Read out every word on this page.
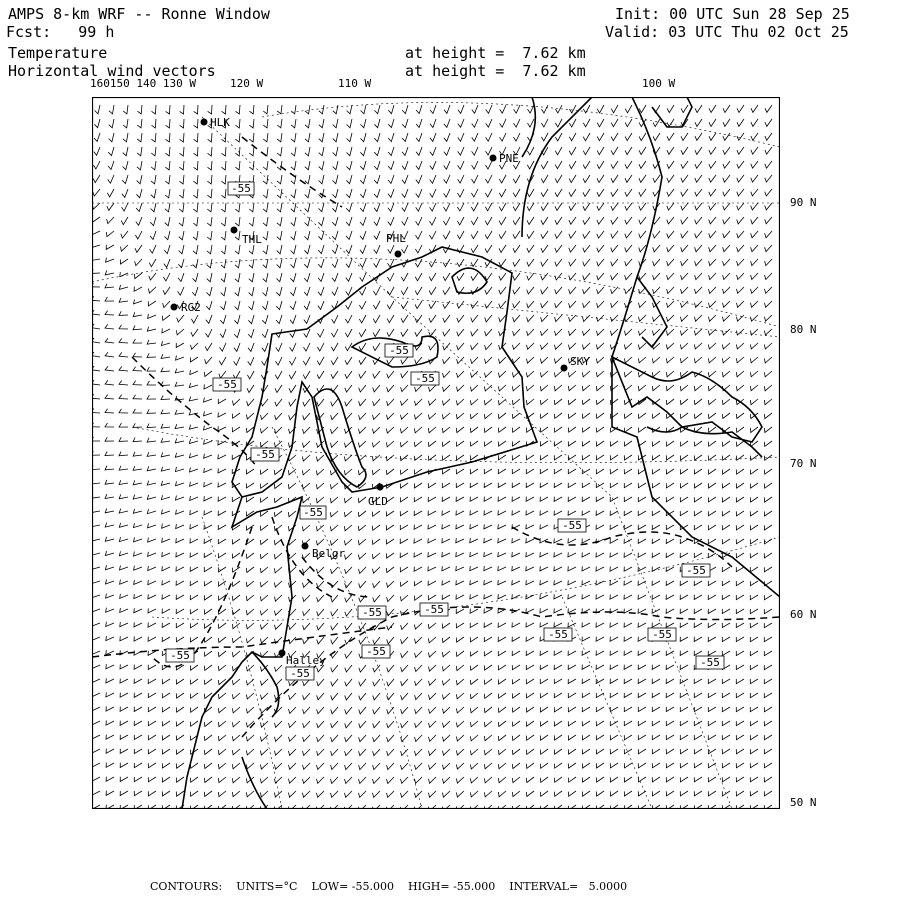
AMPS 8-km WRF -- Ronne Window
Fcst:   99 h
Temperature
Horizontal wind vectors
at height =  7.62 km
at height =  7.62 km
Init: 00 UTC Sun 28 Sep 25
Valid: 03 UTC Thu 02 Oct 25
160150 140 130 W	120 W	110 W	100 W
90 N
80 N
70 N
60 N
50 N
-55
-55
-55
-55
-55
-55
-55
-55
-55	-55
-55	-55
-55
-55
-55
-55
HLK
PNE
THL	PHL
RG2
SKY
GLD
Belgr
Halley
CONTOURS: UNITS=°C LOW= -55.000 HIGH= -55.000 INTERVAL=   5.0000
